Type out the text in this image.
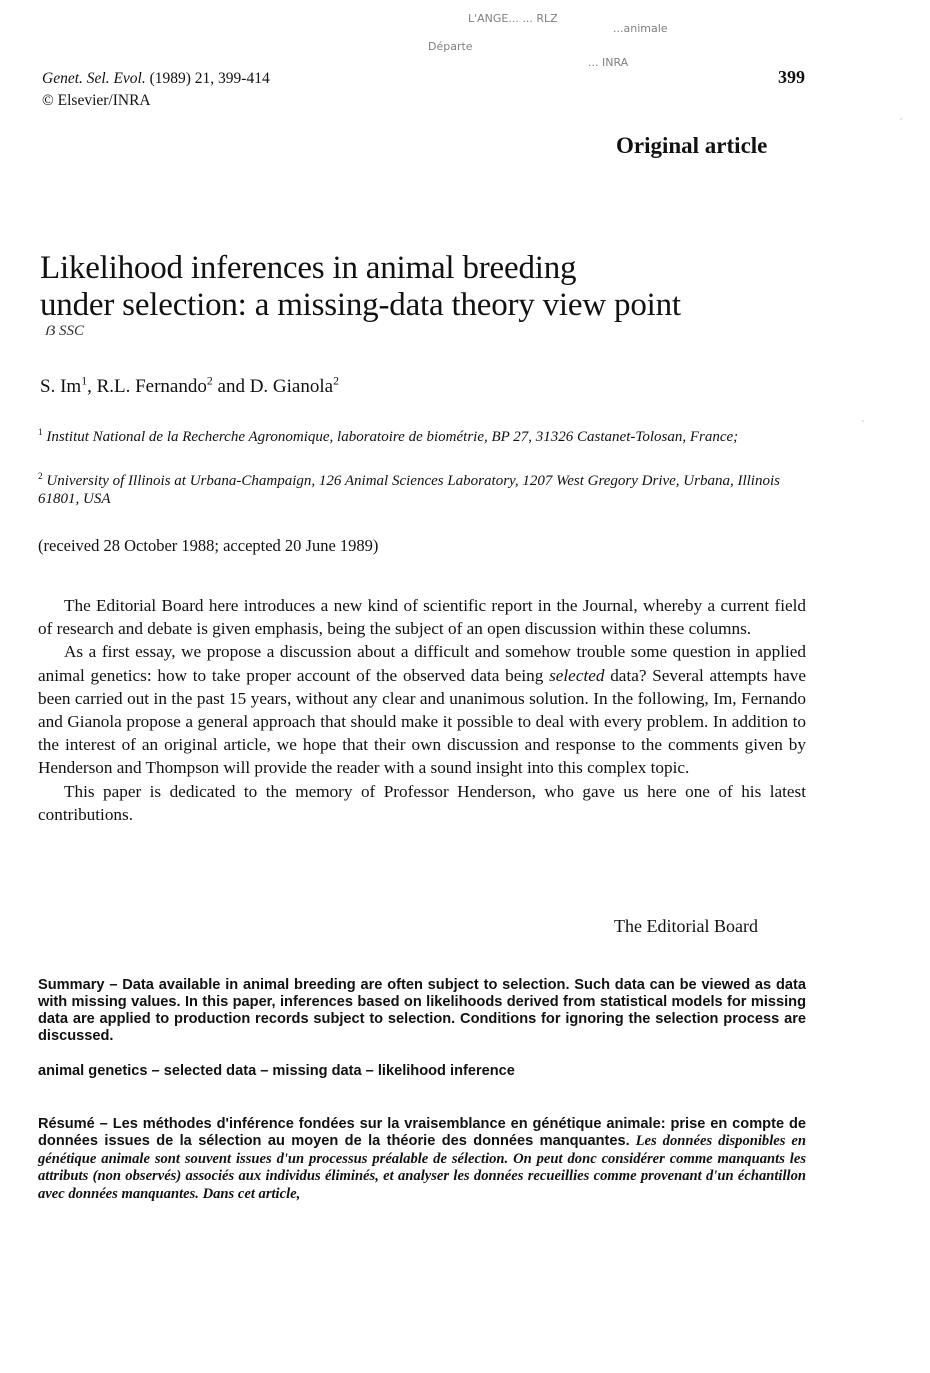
L'ANGE... ... RLZ
...animale
Départe
... INRA
Genet. Sel. Evol. (1989) 21, 399-414
© Elsevier/INRA
399
Original article
Likelihood inferences in animal breeding
under selection: a missing-data theory view point
ẞ SSC
S. Im$^1$, R.L. Fernando$^2$ and D. Gianola$^2$
$^1$ Institut National de la Recherche Agronomique, laboratoire de biométrie, BP 27, 31326 Castanet-Tolosan, France;
$^2$ University of Illinois at Urbana-Champaign, 126 Animal Sciences Laboratory, 1207 West Gregory Drive, Urbana, Illinois 61801, USA
(received 28 October 1988; accepted 20 June 1989)

The Editorial Board here introduces a new kind of scientific report in the Journal, whereby a current field of research and debate is given emphasis, being the subject of an open discussion within these columns.

As a first essay, we propose a discussion about a difficult and somehow trouble some question in applied animal genetics: how to take proper account of the observed data being selected data? Several attempts have been carried out in the past 15 years, without any clear and unanimous solution. In the following, Im, Fernando and Gianola propose a general approach that should make it possible to deal with every problem. In addition to the interest of an original article, we hope that their own discussion and response to the comments given by Henderson and Thompson will provide the reader with a sound insight into this complex topic.

This paper is dedicated to the memory of Professor Henderson, who gave us here one of his latest contributions.

The Editorial Board
Summary – Data available in animal breeding are often subject to selection. Such data can be viewed as data with missing values. In this paper, inferences based on likelihoods derived from statistical models for missing data are applied to production records subject to selection. Conditions for ignoring the selection process are discussed.
animal genetics – selected data – missing data – likelihood inference
Résumé – Les méthodes d'inférence fondées sur la vraisemblance en génétique animale: prise en compte de données issues de la sélection au moyen de la théorie des données manquantes. Les données disponibles en génétique animale sont souvent issues d'un processus préalable de sélection. On peut donc considérer comme manquants les attributs (non observés) associés aux individus éliminés, et analyser les données recueillies comme provenant d'un échantillon avec données manquantes. Dans cet article,
